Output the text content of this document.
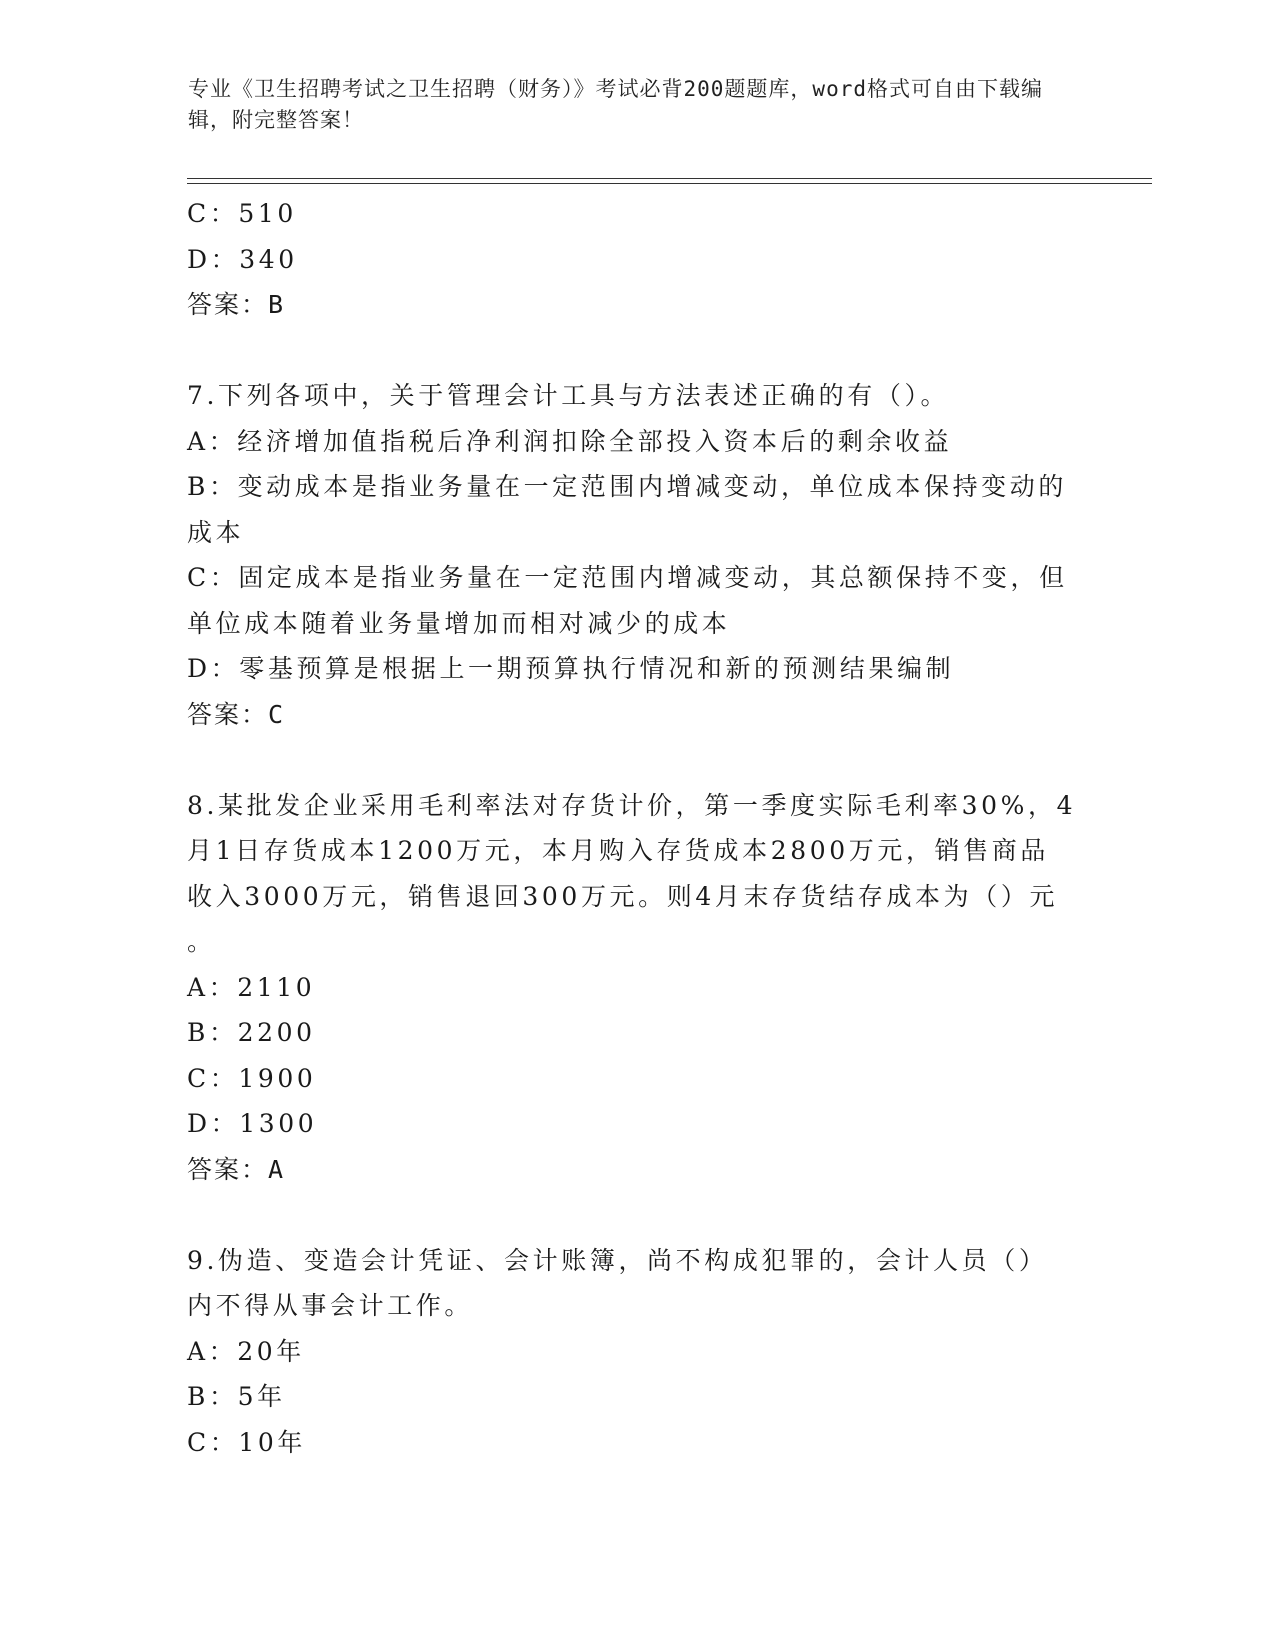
专业《卫生招聘考试之卫生招聘（财务）》考试必背200题题库，word格式可自由下载编辑，附完整答案！
C：510
D：340
答案：B
7.下列各项中，关于管理会计工具与方法表述正确的有（）。
A：经济增加值指税后净利润扣除全部投入资本后的剩余收益
B：变动成本是指业务量在一定范围内增减变动，单位成本保持变动的
成本
C：固定成本是指业务量在一定范围内增减变动，其总额保持不变，但
单位成本随着业务量增加而相对减少的成本
D：零基预算是根据上一期预算执行情况和新的预测结果编制
答案：C
8.某批发企业采用毛利率法对存货计价，第一季度实际毛利率30%，4
月1日存货成本1200万元，本月购入存货成本2800万元，销售商品
收入3000万元，销售退回300万元。则4月末存货结存成本为（）元
。
A：2110
B：2200
C：1900
D：1300
答案：A
9.伪造、变造会计凭证、会计账簿，尚不构成犯罪的，会计人员（）
内不得从事会计工作。
A：20年
B：5年
C：10年
